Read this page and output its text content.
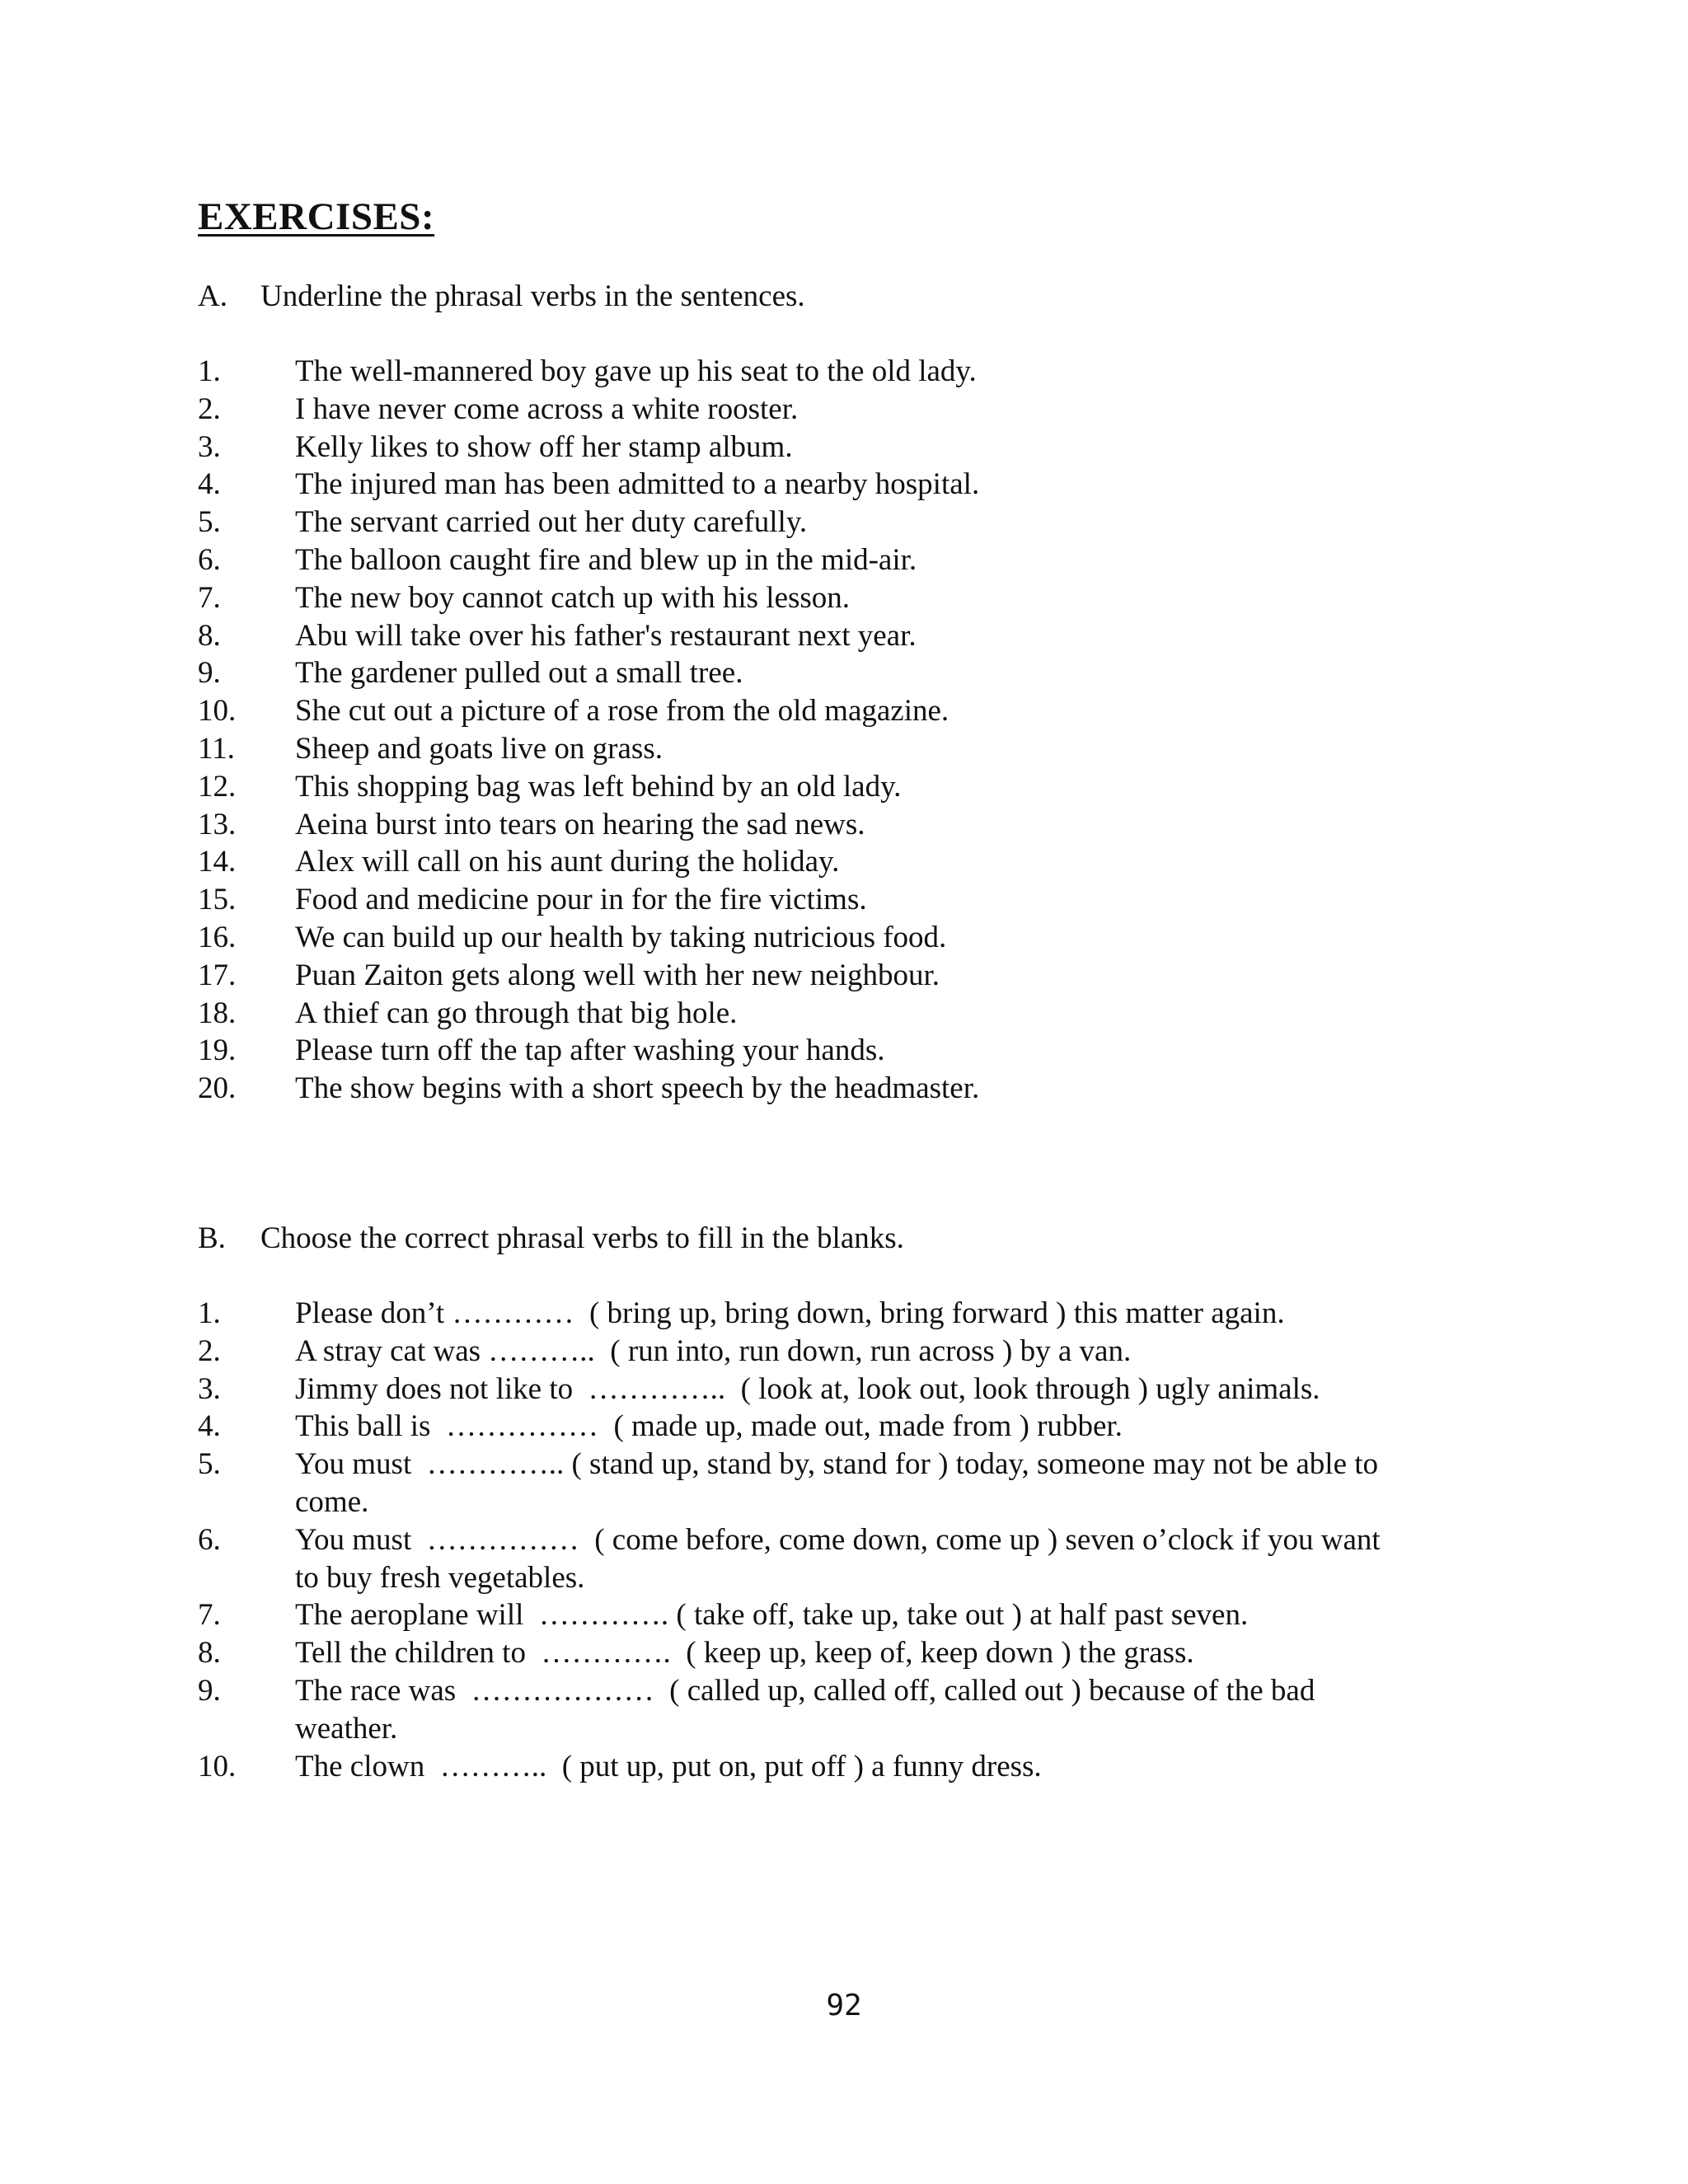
EXERCISES:
A. Underline the phrasal verbs in the sentences.
1.	The well-mannered boy gave up his seat to the old lady.
2.	I have never come across a white rooster.
3.	Kelly likes to show off her stamp album.
4.	The injured man has been admitted to a nearby hospital.
5.	The servant carried out her duty carefully.
6.	The balloon caught fire and blew up in the mid-air.
7.	The new boy cannot catch up with his lesson.
8.	Abu will take over his father's restaurant next year.
9.	The gardener pulled out a small tree.
10.	She cut out a picture of a rose from the old magazine.
11.	Sheep and goats live on grass.
12.	This shopping bag was left behind by an old lady.
13.	Aeina burst into tears on hearing the sad news.
14.	Alex will call on his aunt during the holiday.
15.	Food and medicine pour in for the fire victims.
16.	We can build up our health by taking nutricious food.
17.	Puan Zaiton gets along well with her new neighbour.
18.	A thief can go through that big hole.
19.	Please turn off the tap after washing your hands.
20.	The show begins with a short speech by the headmaster.
B. Choose the correct phrasal verbs to fill in the blanks.
1.	Please don’t …………  ( bring up, bring down, bring forward ) this matter again.
2.	A stray cat was ………..  ( run into, run down, run across ) by a van.
3.	Jimmy does not like to  …………..  ( look at, look out, look through ) ugly animals.
4.	This ball is  ……………  ( made up, made out, made from ) rubber.
5.	You must  ………….. ( stand up, stand by, stand for ) today, someone may not be able to come.
6.	You must  ……………  ( come before, come down, come up ) seven o’clock if you want to buy fresh vegetables.
7.	The aeroplane will  …………. ( take off, take up, take out ) at half past seven.
8.	Tell the children to  ………….  ( keep up, keep of, keep down ) the grass.
9.	The race was  ………………  ( called up, called off, called out ) because of the bad weather.
10.	The clown  ………..  ( put up, put on, put off ) a funny dress.
92
